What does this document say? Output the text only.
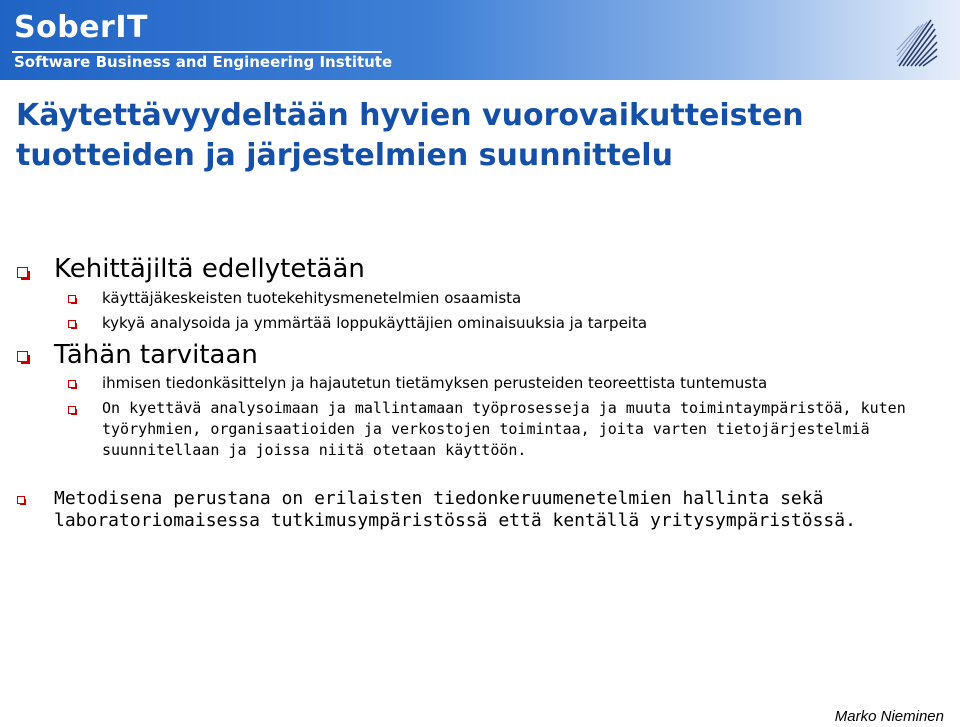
SoberIT
Software Business and Engineering Institute
Käytettävyydeltään hyvien vuorovaikutteisten tuotteiden ja järjestelmien suunnittelu

Kehittäjiltä edellytetään

käyttäjäkeskeisten tuotekehitysmenetelmien osaamista

kykyä analysoida ja ymmärtää loppukäyttäjien ominaisuuksia ja tarpeita

Tähän tarvitaan

ihmisen tiedonkäsittelyn ja hajautetun tietämyksen perusteiden teoreettista tuntemusta

On kyettävä analysoimaan ja mallintamaan työprosesseja ja muuta toimintaympäristöä, kuten työryhmien, organisaatioiden ja verkostojen toimintaa, joita varten tietojärjestelmiä suunnitellaan ja joissa niitä otetaan käyttöön.

Metodisena perustana on erilaisten tiedonkeruumenetelmien hallinta sekä laboratoriomaisessa tutkimusympäristössä että kentällä yritysympäristössä.

Marko Nieminen
